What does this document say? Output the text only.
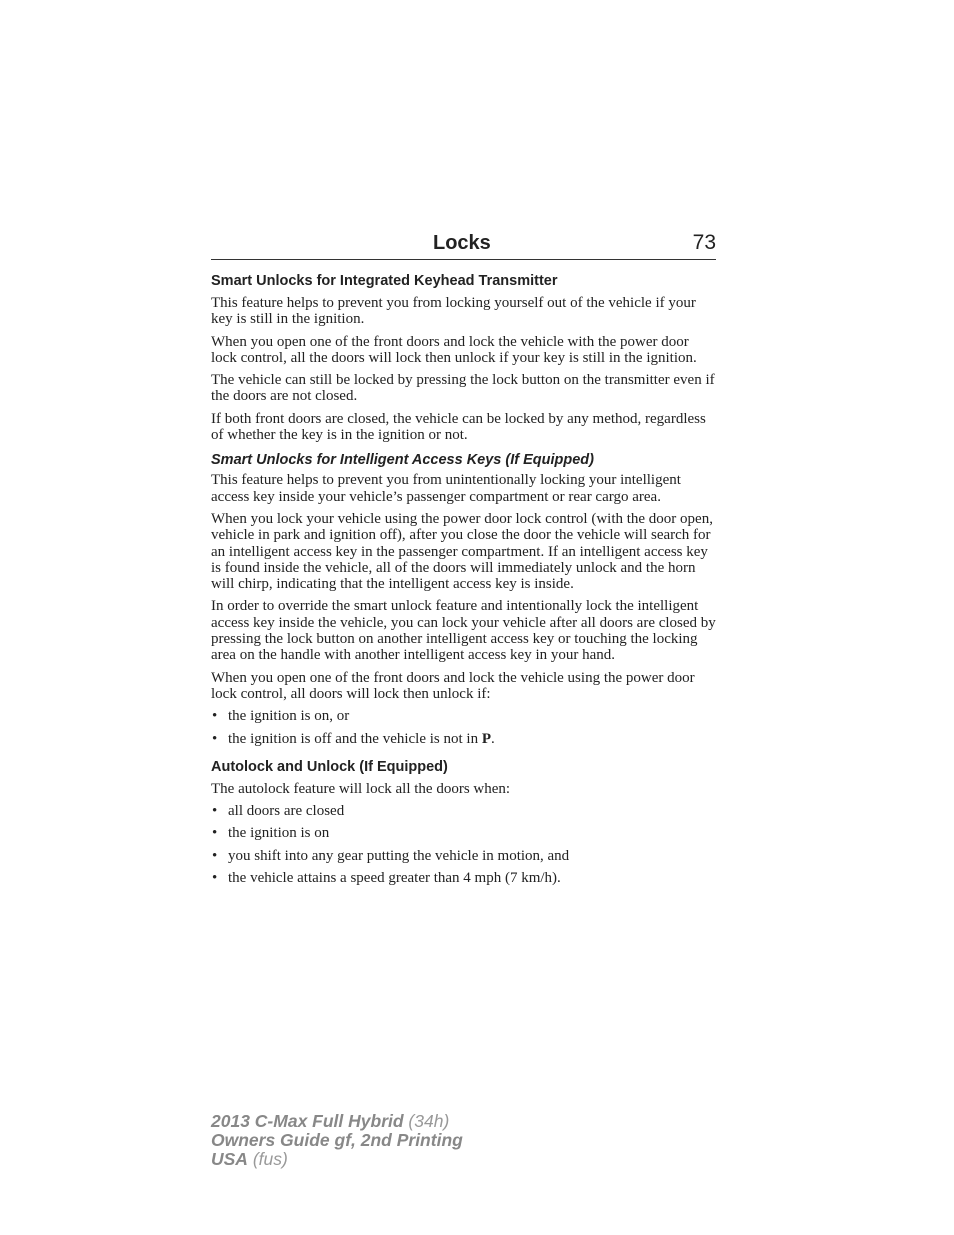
Locks	73
Smart Unlocks for Integrated Keyhead Transmitter

This feature helps to prevent you from locking yourself out of the vehicle if your key is still in the ignition.

When you open one of the front doors and lock the vehicle with the power door lock control, all the doors will lock then unlock if your key is still in the ignition.

The vehicle can still be locked by pressing the lock button on the transmitter even if the doors are not closed.

If both front doors are closed, the vehicle can be locked by any method, regardless of whether the key is in the ignition or not.

Smart Unlocks for Intelligent Access Keys (If Equipped)

This feature helps to prevent you from unintentionally locking your intelligent access key inside your vehicle’s passenger compartment or rear cargo area.

When you lock your vehicle using the power door lock control (with the door open, vehicle in park and ignition off), after you close the door the vehicle will search for an intelligent access key in the passenger compartment. If an intelligent access key is found inside the vehicle, all of the doors will immediately unlock and the horn will chirp, indicating that the intelligent access key is inside.

In order to override the smart unlock feature and intentionally lock the intelligent access key inside the vehicle, you can lock your vehicle after all doors are closed by pressing the lock button on another intelligent access key or touching the locking area on the handle with another intelligent access key in your hand.

When you open one of the front doors and lock the vehicle using the power door lock control, all doors will lock then unlock if:

• the ignition is on, or
• the ignition is off and the vehicle is not in P.
Autolock and Unlock (If Equipped)

The autolock feature will lock all the doors when:

• all doors are closed
• the ignition is on
• you shift into any gear putting the vehicle in motion, and
• the vehicle attains a speed greater than 4 mph (7 km/h).
2013 C-Max Full Hybrid (34h)
Owners Guide gf, 2nd Printing
USA (fus)
